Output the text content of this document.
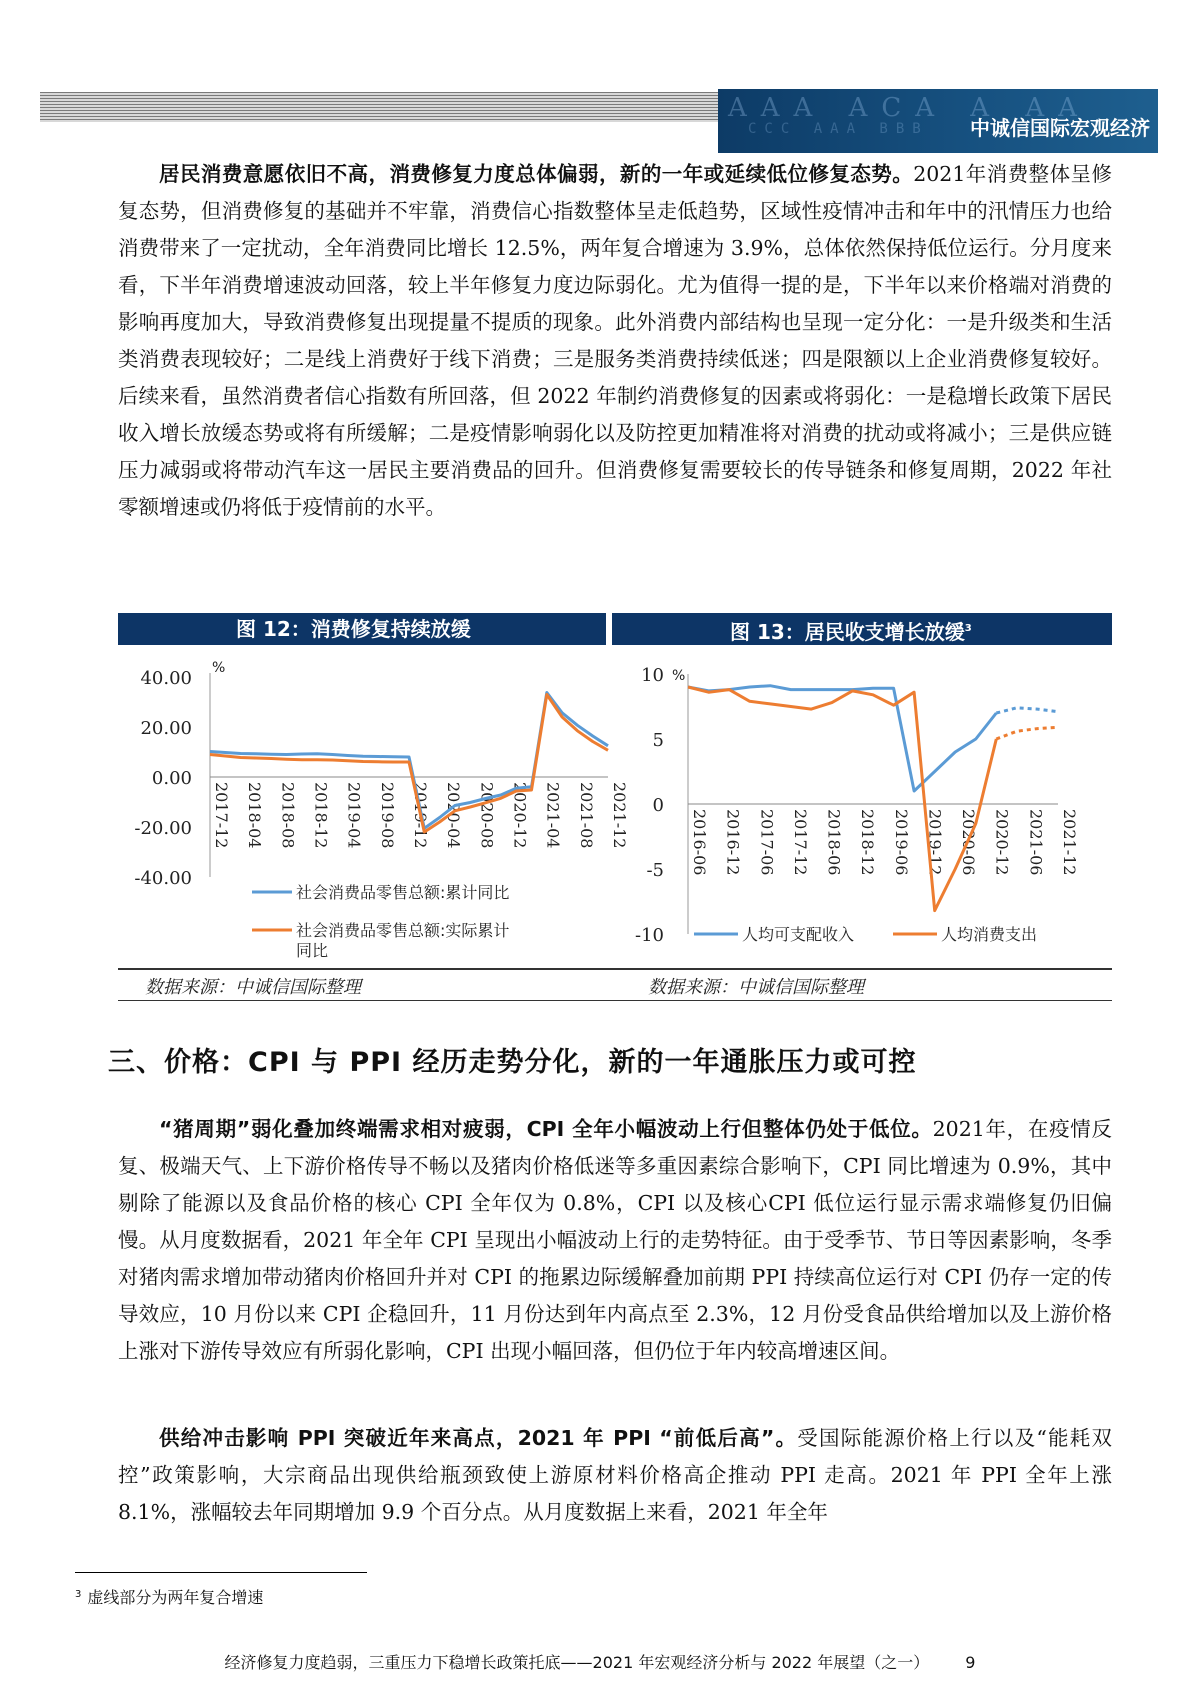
AAA ACA A AA
CCC AAA BBB 中诚信国际宏观经济
居民消费意愿依旧不高，消费修复力度总体偏弱，新的一年或延续低位修复态势。2021年消费整体呈修复态势，但消费修复的基础并不牢靠，消费信心指数整体呈走低趋势，区域性疫情冲击和年中的汛情压力也给消费带来了一定扰动，全年消费同比增长 12.5%，两年复合增速为 3.9%，总体依然保持低位运行。分月度来看，下半年消费增速波动回落，较上半年修复力度边际弱化。尤为值得一提的是，下半年以来价格端对消费的影响再度加大，导致消费修复出现提量不提质的现象。此外消费内部结构也呈现一定分化：一是升级类和生活类消费表现较好；二是线上消费好于线下消费；三是服务类消费持续低迷；四是限额以上企业消费修复较好。后续来看，虽然消费者信心指数有所回落，但 2022 年制约消费修复的因素或将弱化：一是稳增长政策下居民收入增长放缓态势或将有所缓解；二是疫情影响弱化以及防控更加精准将对消费的扰动或将减小；三是供应链压力减弱或将带动汽车这一居民主要消费品的回升。但消费修复需要较长的传导链条和修复周期，2022 年社零额增速或仍将低于疫情前的水平。
图 12：消费修复持续放缓	图 13：居民收支增长放缓$^3$
40.00
20.00
0.00
-20.00
-40.00
%
2017-12 2018-04 2018-08 2018-12 2019-04 2019-08 2019-12 2020-04 2020-08 2020-12 2021-04 2021-08 2021-12
社会消费品零售总额:累计同比
社会消费品零售总额:实际累计同比
10
5
0
-5
-10
%
2016-06 2016-12 2017-06 2017-12 2018-06 2018-12 2019-06 2019-12 2020-06 2020-12 2021-06 2021-12
人均可支配收入	人均消费支出
数据来源：中诚信国际整理	数据来源：中诚信国际整理
三、价格：CPI 与 PPI 经历走势分化，新的一年通胀压力或可控
“猪周期”弱化叠加终端需求相对疲弱，CPI 全年小幅波动上行但整体仍处于低位。2021年，在疫情反复、极端天气、上下游价格传导不畅以及猪肉价格低迷等多重因素综合影响下，CPI 同比增速为 0.9%，其中剔除了能源以及食品价格的核心 CPI 全年仅为 0.8%，CPI 以及核心CPI 低位运行显示需求端修复仍旧偏慢。从月度数据看，2021 年全年 CPI 呈现出小幅波动上行的走势特征。由于受季节、节日等因素影响，冬季对猪肉需求增加带动猪肉价格回升并对 CPI 的拖累边际缓解叠加前期 PPI 持续高位运行对 CPI 仍存一定的传导效应，10 月份以来 CPI 企稳回升，11 月份达到年内高点至 2.3%，12 月份受食品供给增加以及上游价格上涨对下游传导效应有所弱化影响，CPI 出现小幅回落，但仍位于年内较高增速区间。
供给冲击影响 PPI 突破近年来高点，2021 年 PPI “前低后高”。受国际能源价格上行以及“能耗双控”政策影响，大宗商品出现供给瓶颈致使上游原材料价格高企推动 PPI 走高。2021 年 PPI 全年上涨 8.1%，涨幅较去年同期增加 9.9 个百分点。从月度数据上来看，2021 年全年
$^3$ 虚线部分为两年复合增速
经济修复力度趋弱，三重压力下稳增长政策托底——2021 年宏观经济分析与 2022 年展望（之一） 9
